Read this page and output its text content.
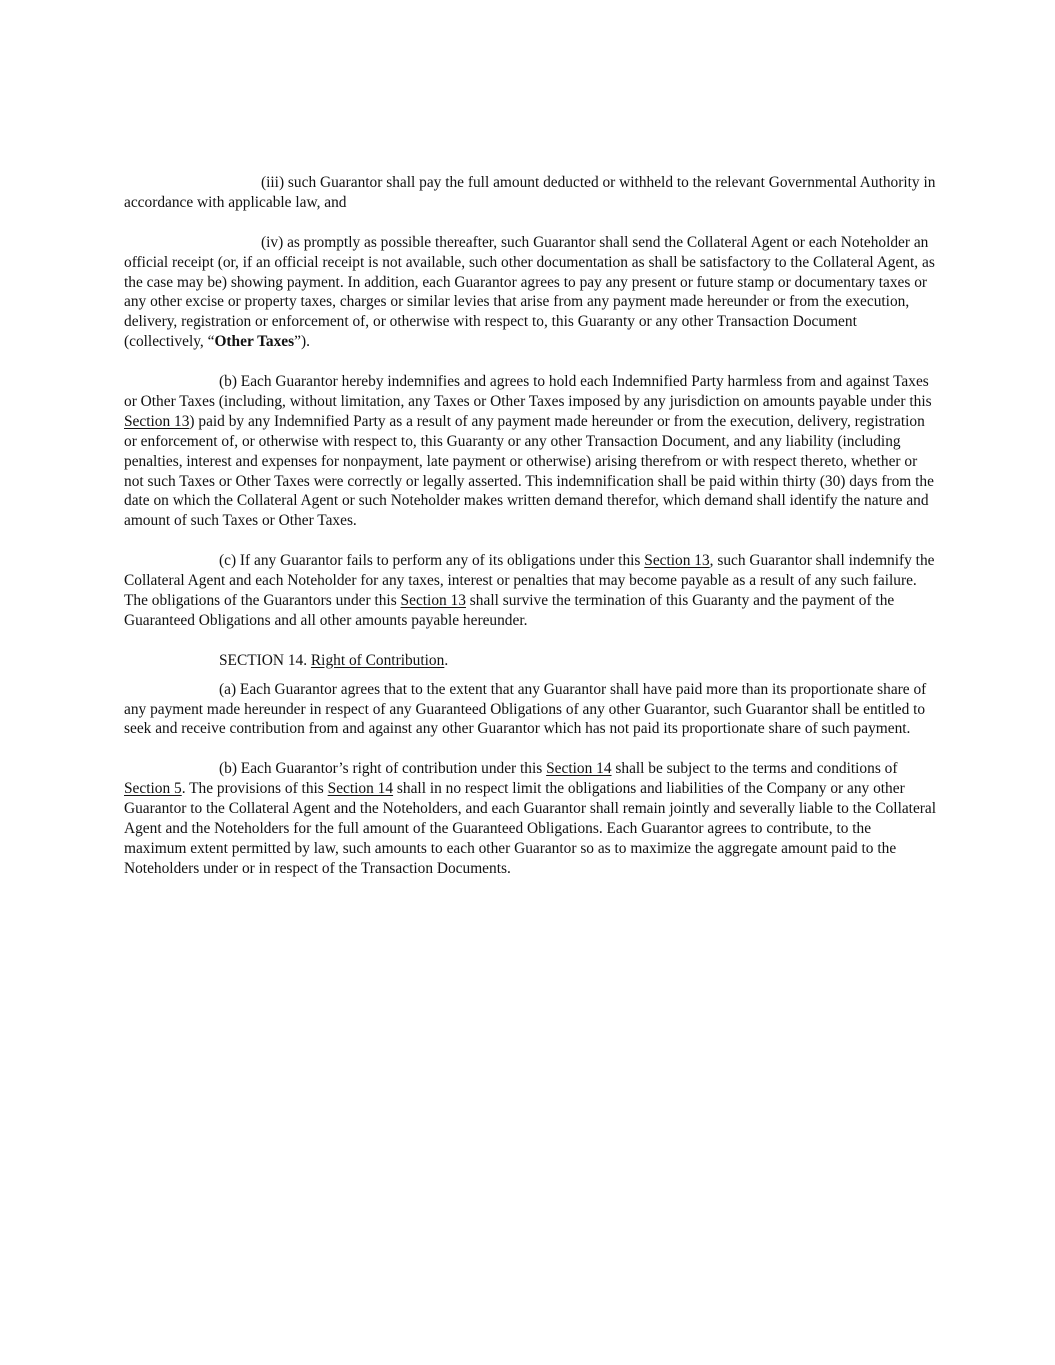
(iii) such Guarantor shall pay the full amount deducted or withheld to the relevant Governmental Authority in accordance with applicable law, and

(iv) as promptly as possible thereafter, such Guarantor shall send the Collateral Agent or each Noteholder an official receipt (or, if an official receipt is not available, such other documentation as shall be satisfactory to the Collateral Agent, as the case may be) showing payment. In addition, each Guarantor agrees to pay any present or future stamp or documentary taxes or any other excise or property taxes, charges or similar levies that arise from any payment made hereunder or from the execution, delivery, registration or enforcement of, or otherwise with respect to, this Guaranty or any other Transaction Document (collectively, “Other Taxes”).

(b) Each Guarantor hereby indemnifies and agrees to hold each Indemnified Party harmless from and against Taxes or Other Taxes (including, without limitation, any Taxes or Other Taxes imposed by any jurisdiction on amounts payable under this Section 13) paid by any Indemnified Party as a result of any payment made hereunder or from the execution, delivery, registration or enforcement of, or otherwise with respect to, this Guaranty or any other Transaction Document, and any liability (including penalties, interest and expenses for nonpayment, late payment or otherwise) arising therefrom or with respect thereto, whether or not such Taxes or Other Taxes were correctly or legally asserted. This indemnification shall be paid within thirty (30) days from the date on which the Collateral Agent or such Noteholder makes written demand therefor, which demand shall identify the nature and amount of such Taxes or Other Taxes.

(c) If any Guarantor fails to perform any of its obligations under this Section 13, such Guarantor shall indemnify the Collateral Agent and each Noteholder for any taxes, interest or penalties that may become payable as a result of any such failure. The obligations of the Guarantors under this Section 13 shall survive the termination of this Guaranty and the payment of the Guaranteed Obligations and all other amounts payable hereunder.

SECTION 14. Right of Contribution.

(a) Each Guarantor agrees that to the extent that any Guarantor shall have paid more than its proportionate share of any payment made hereunder in respect of any Guaranteed Obligations of any other Guarantor, such Guarantor shall be entitled to seek and receive contribution from and against any other Guarantor which has not paid its proportionate share of such payment.

(b) Each Guarantor’s right of contribution under this Section 14 shall be subject to the terms and conditions of Section 5. The provisions of this Section 14 shall in no respect limit the obligations and liabilities of the Company or any other Guarantor to the Collateral Agent and the Noteholders, and each Guarantor shall remain jointly and severally liable to the Collateral Agent and the Noteholders for the full amount of the Guaranteed Obligations. Each Guarantor agrees to contribute, to the maximum extent permitted by law, such amounts to each other Guarantor so as to maximize the aggregate amount paid to the Noteholders under or in respect of the Transaction Documents.
